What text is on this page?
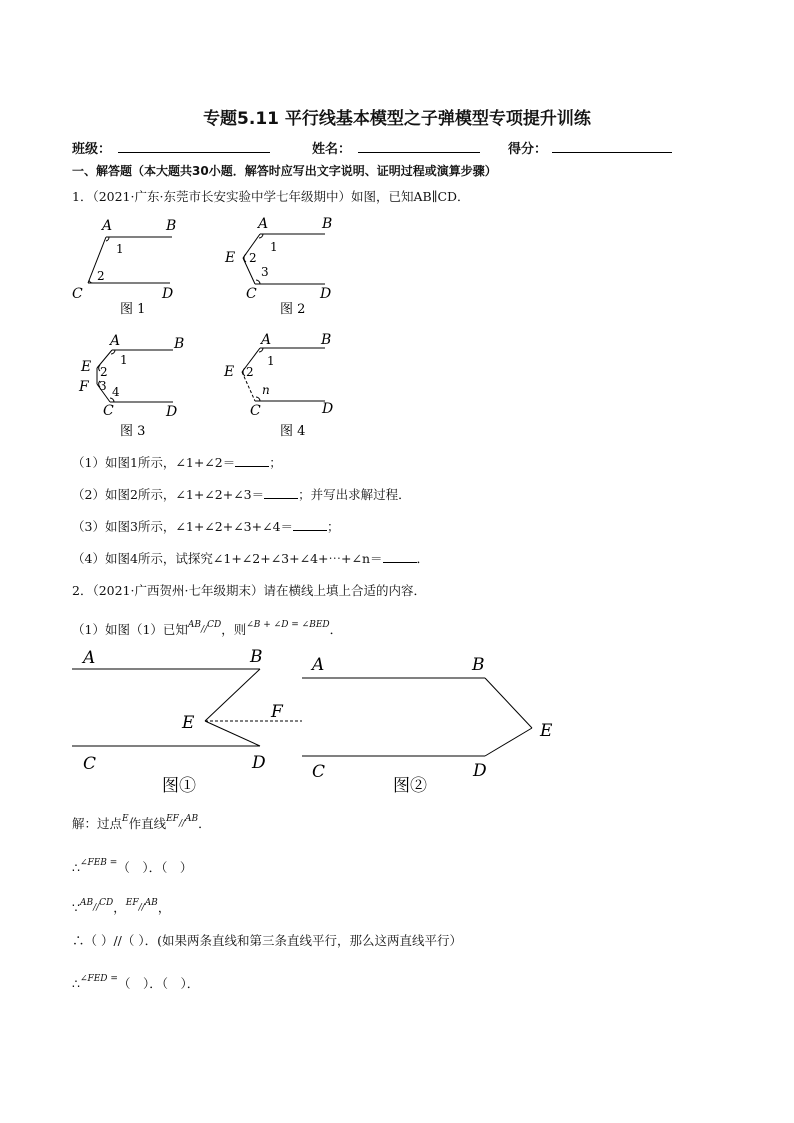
专题5.11 平行线基本模型之子弹模型专项提升训练
班级：	姓名：	得分：
一、解答题（本大题共30小题．解答时应写出文字说明、证明过程或演算步骤）
1．（2021·广东·东莞市长安实验中学七年级期中）如图，已知AB∥CD．
A	B
C	D
1
2
图 1
A	B
E
C	D
1
2
3
图 2
A	B
E
F
C	D
1
2
3 4
图 3
A	B
E
C	D
1
2
n
图 4
（1）如图1所示，∠1+∠2＝	；
（2）如图2所示，∠1+∠2+∠3＝	；并写出求解过程．
（3）如图3所示，∠1+∠2+∠3+∠4＝	；
（4）如图4所示，试探究∠1+∠2+∠3+∠4+⋯+∠n＝	．
2．（2021·广西贺州·七年级期末）请在横线上填上合适的内容．
（1）如图（1）已知$^{AB}$//$^{CD}$，则$^{\angle B + \angle D = \angle BED}$．
A	B
E
F
C	D
A	B
E
C	D
图①	图②
解：过点$^E$作直线$^{EF}$//$^{AB}$．
∴$^{\angle FEB =}$（　）．（　）
∵$^{AB}$//$^{CD}$，$^{EF}$//$^{AB}$，
∴（ ）//（ ）．(如果两条直线和第三条直线平行，那么这两直线平行）
∴$^{\angle FED =}$（　）．（　）．
